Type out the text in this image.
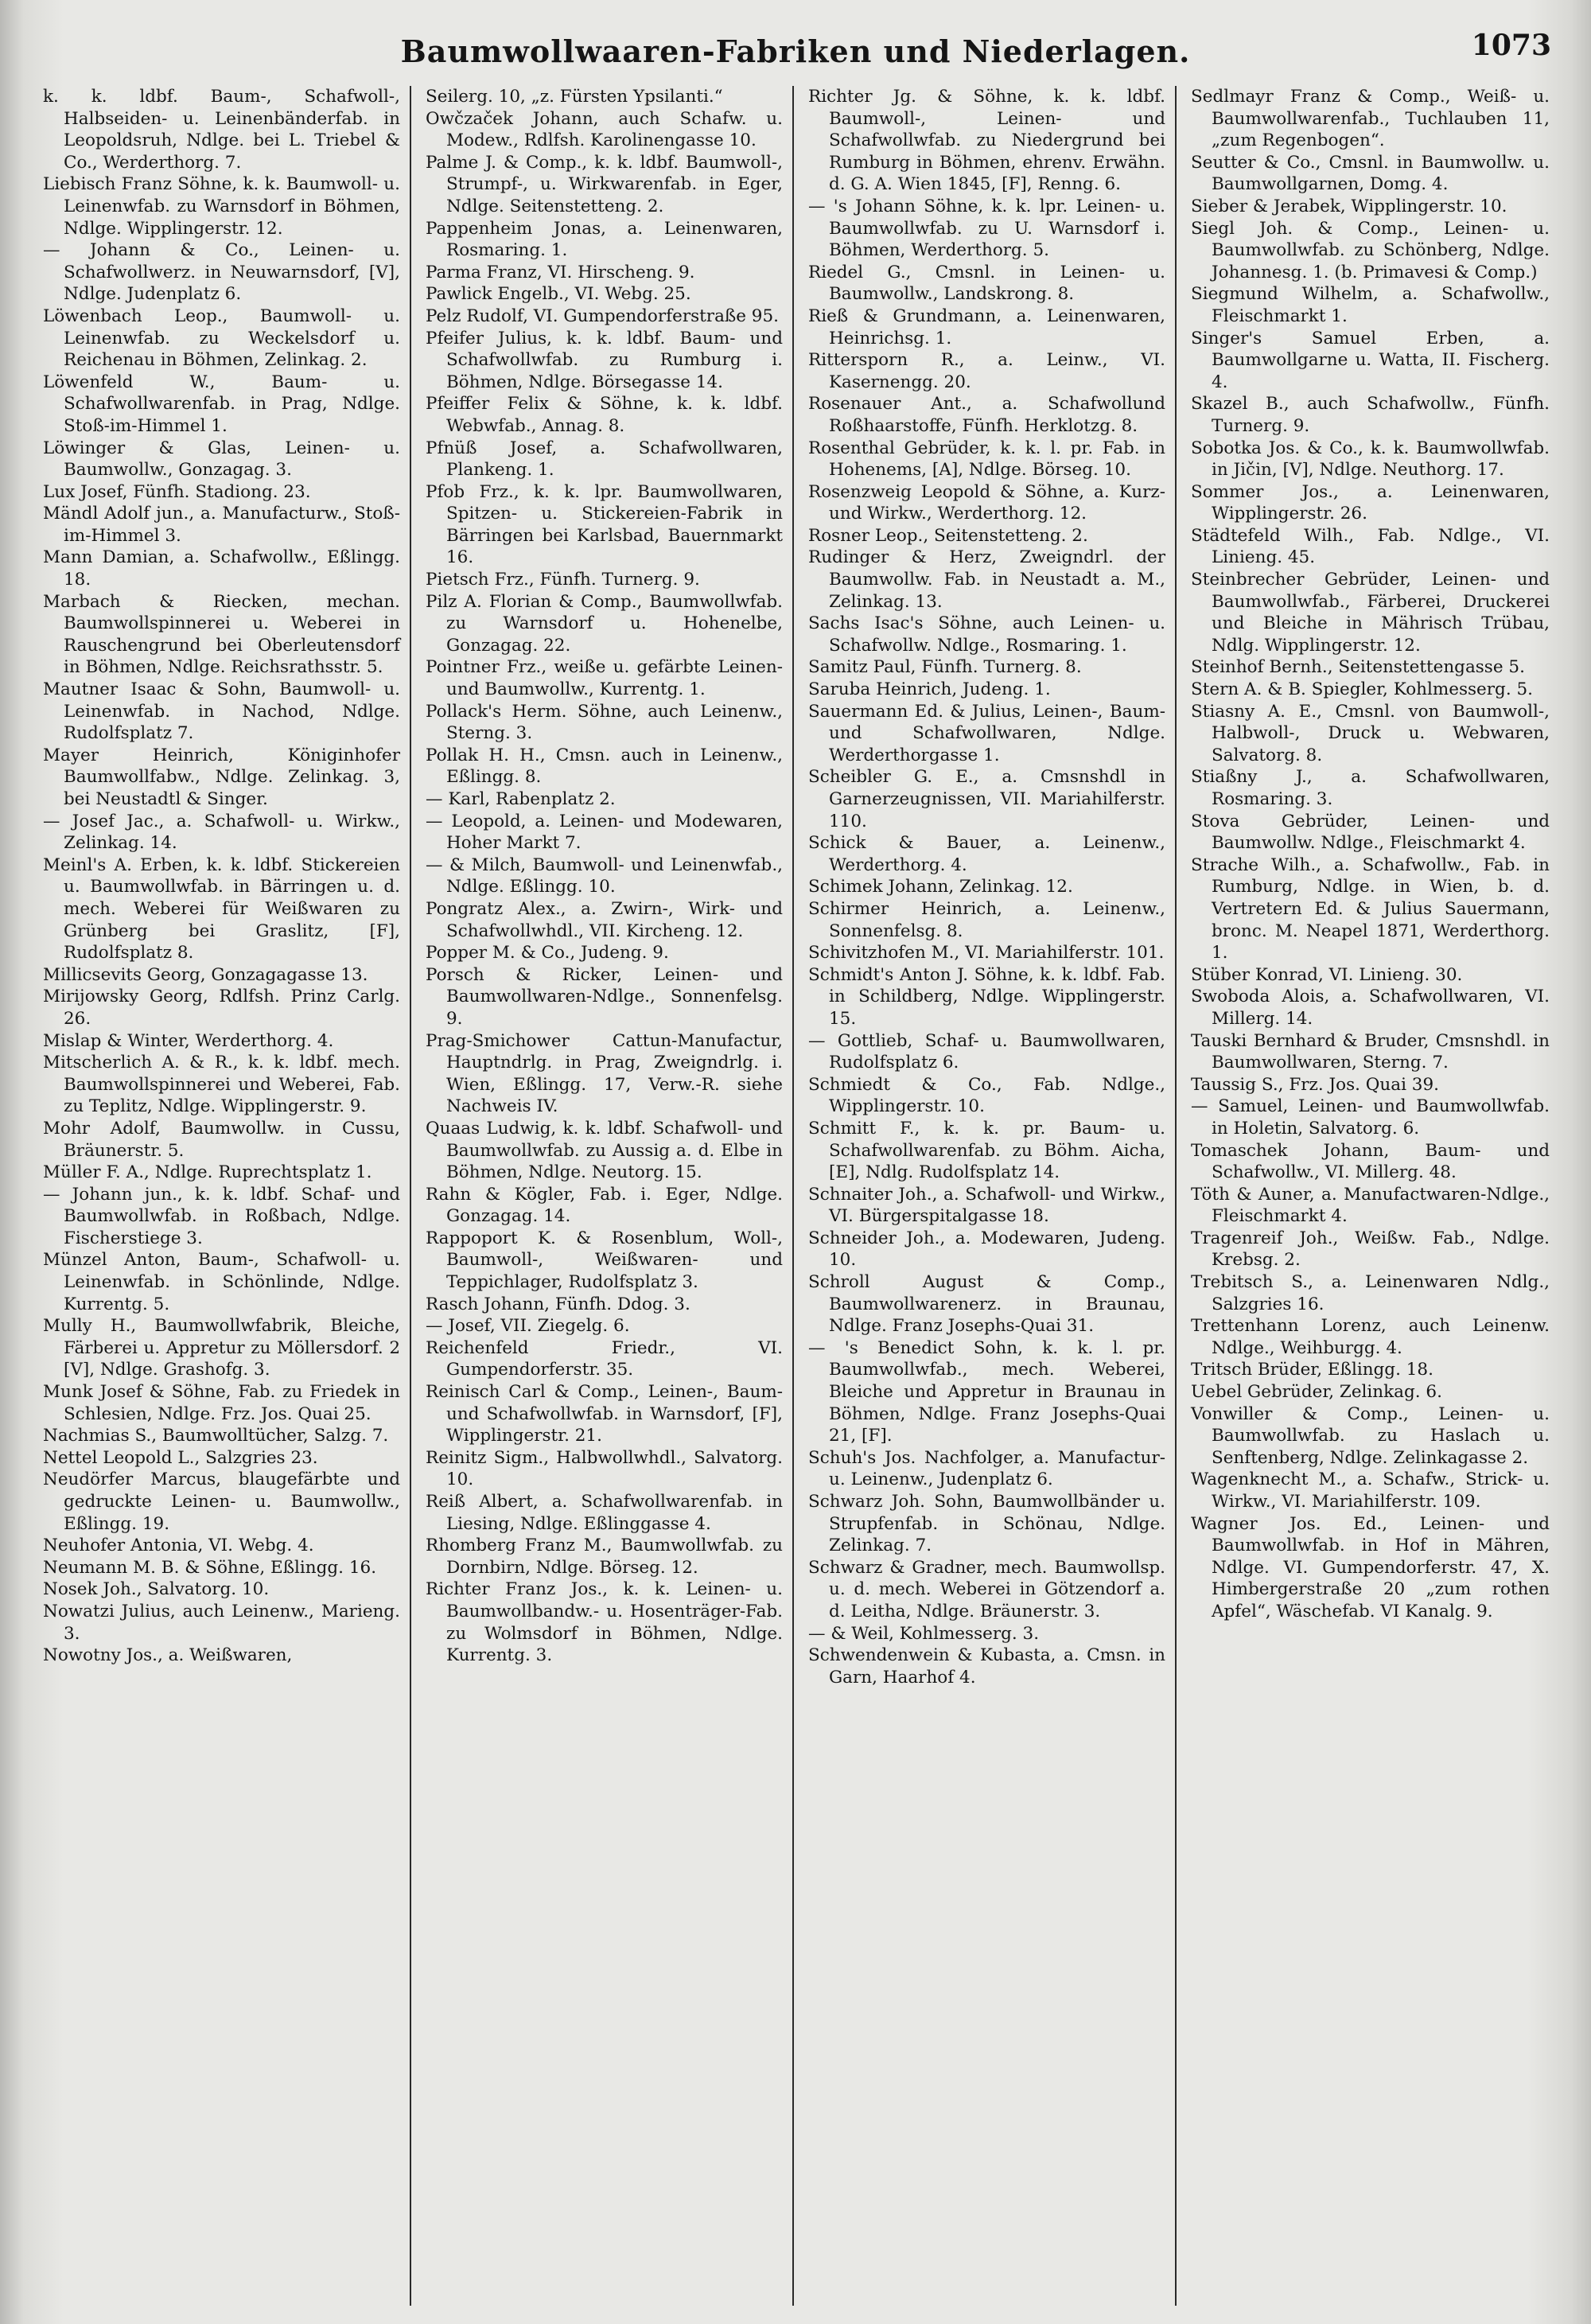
Baumwollwaaren-Fabriken und Niederlagen.	1073

k. k. ldbf. Baum-, Schafwoll-, Halbseiden- u. Leinenbänderfab. in Leopoldsruh, Ndlge. bei L. Triebel & Co., Werderthorg. 7.

Liebisch Franz Söhne, k. k. Baumwoll- u. Leinenwfab. zu Warnsdorf in Böhmen, Ndlge. Wipplingerstr. 12.

— Johann & Co., Leinen- u. Schafwollwerz. in Neuwarnsdorf, [V], Ndlge. Judenplatz 6.

Löwenbach Leop., Baumwoll- u. Leinenwfab. zu Weckelsdorf u. Reichenau in Böhmen, Zelinkag. 2.

Löwenfeld W., Baum- u. Schafwollwarenfab. in Prag, Ndlge. Stoß-im-Himmel 1.

Löwinger & Glas, Leinen- u. Baumwollw., Gonzagag. 3.

Lux Josef, Fünfh. Stadiong. 23.

Mändl Adolf jun., a. Manufacturw., Stoß-im-Himmel 3.

Mann Damian, a. Schafwollw., Eßlingg. 18.

Marbach & Riecken, mechan. Baumwollspinnerei u. Weberei in Rauschengrund bei Oberleutensdorf in Böhmen, Ndlge. Reichsrathsstr. 5.

Mautner Isaac & Sohn, Baumwoll- u. Leinenwfab. in Nachod, Ndlge. Rudolfsplatz 7.

Mayer Heinrich, Königinhofer Baumwollfabw., Ndlge. Zelinkag. 3, bei Neustadtl & Singer.

— Josef Jac., a. Schafwoll- u. Wirkw., Zelinkag. 14.

Meinl's A. Erben, k. k. ldbf. Stickereien u. Baumwollwfab. in Bärringen u. d. mech. Weberei für Weißwaren zu Grünberg bei Graslitz, [F], Rudolfsplatz 8.

Millicsevits Georg, Gonzagagasse 13.

Mirijowsky Georg, Rdlfsh. Prinz Carlg. 26.

Mislap & Winter, Werderthorg. 4.

Mitscherlich A. & R., k. k. ldbf. mech. Baumwollspinnerei und Weberei, Fab. zu Teplitz, Ndlge. Wipplingerstr. 9.

Mohr Adolf, Baumwollw. in Cussu, Bräunerstr. 5.

Müller F. A., Ndlge. Ruprechtsplatz 1.

— Johann jun., k. k. ldbf. Schaf- und Baumwollwfab. in Roßbach, Ndlge. Fischerstiege 3.

Münzel Anton, Baum-, Schafwoll- u. Leinenwfab. in Schönlinde, Ndlge. Kurrentg. 5.

Mully H., Baumwollwfabrik, Bleiche, Färberei u. Appretur zu Möllersdorf. 2 [V], Ndlge. Grashofg. 3.

Munk Josef & Söhne, Fab. zu Friedek in Schlesien, Ndlge. Frz. Jos. Quai 25.

Nachmias S., Baumwolltücher, Salzg. 7.

Nettel Leopold L., Salzgries 23.

Neudörfer Marcus, blaugefärbte und gedruckte Leinen- u. Baumwollw., Eßlingg. 19.

Neuhofer Antonia, VI. Webg. 4.

Neumann M. B. & Söhne, Eßlingg. 16.

Nosek Joh., Salvatorg. 10.

Nowatzi Julius, auch Leinenw., Marieng. 3.

Nowotny Jos., a. Weißwaren,

Seilerg. 10, „z. Fürsten Ypsilanti.“

Owčzaček Johann, auch Schafw. u. Modew., Rdlfsh. Karolinengasse 10.

Palme J. & Comp., k. k. ldbf. Baumwoll-, Strumpf-, u. Wirkwarenfab. in Eger, Ndlge. Seitenstetteng. 2.

Pappenheim Jonas, a. Leinenwaren, Rosmaring. 1.

Parma Franz, VI. Hirscheng. 9.

Pawlick Engelb., VI. Webg. 25.

Pelz Rudolf, VI. Gumpendorferstraße 95.

Pfeifer Julius, k. k. ldbf. Baum- und Schafwollwfab. zu Rumburg i. Böhmen, Ndlge. Börsegasse 14.

Pfeiffer Felix & Söhne, k. k. ldbf. Webwfab., Annag. 8.

Pfnüß Josef, a. Schafwollwaren, Plankeng. 1.

Pfob Frz., k. k. lpr. Baumwollwaren, Spitzen- u. Stickereien-Fabrik in Bärringen bei Karlsbad, Bauernmarkt 16.

Pietsch Frz., Fünfh. Turnerg. 9.

Pilz A. Florian & Comp., Baumwollwfab. zu Warnsdorf u. Hohenelbe, Gonzagag. 22.

Pointner Frz., weiße u. gefärbte Leinen- und Baumwollw., Kurrentg. 1.

Pollack's Herm. Söhne, auch Leinenw., Sterng. 3.

Pollak H. H., Cmsn. auch in Leinenw., Eßlingg. 8.

— Karl, Rabenplatz 2.

— Leopold, a. Leinen- und Modewaren, Hoher Markt 7.

— & Milch, Baumwoll- und Leinenwfab., Ndlge. Eßlingg. 10.

Pongratz Alex., a. Zwirn-, Wirk- und Schafwollwhdl., VII. Kircheng. 12.

Popper M. & Co., Judeng. 9.

Porsch & Ricker, Leinen- und Baumwollwaren-Ndlge., Sonnenfelsg. 9.

Prag-Smichower Cattun-Manufactur, Hauptndrlg. in Prag, Zweigndrlg. i. Wien, Eßlingg. 17, Verw.-R. siehe Nachweis IV.

Quaas Ludwig, k. k. ldbf. Schafwoll- und Baumwollwfab. zu Aussig a. d. Elbe in Böhmen, Ndlge. Neutorg. 15.

Rahn & Kögler, Fab. i. Eger, Ndlge. Gonzagag. 14.

Rappoport K. & Rosenblum, Woll-, Baumwoll-, Weißwaren- und Teppichlager, Rudolfsplatz 3.

Rasch Johann, Fünfh. Ddog. 3.

— Josef, VII. Ziegelg. 6.

Reichenfeld Friedr., VI. Gumpendorferstr. 35.

Reinisch Carl & Comp., Leinen-, Baum- und Schafwollwfab. in Warnsdorf, [F], Wipplingerstr. 21.

Reinitz Sigm., Halbwollwhdl., Salvatorg. 10.

Reiß Albert, a. Schafwollwarenfab. in Liesing, Ndlge. Eßlinggasse 4.

Rhomberg Franz M., Baumwollwfab. zu Dornbirn, Ndlge. Börseg. 12.

Richter Franz Jos., k. k. Leinen- u. Baumwollbandw.- u. Hosenträger-Fab. zu Wolmsdorf in Böhmen, Ndlge. Kurrentg. 3.

Richter Jg. & Söhne, k. k. ldbf. Baumwoll-, Leinen- und Schafwollwfab. zu Niedergrund bei Rumburg in Böhmen, ehrenv. Erwähn. d. G. A. Wien 1845, [F], Renng. 6.

— 's Johann Söhne, k. k. lpr. Leinen- u. Baumwollwfab. zu U. Warnsdorf i. Böhmen, Werderthorg. 5.

Riedel G., Cmsnl. in Leinen- u. Baumwollw., Landskrong. 8.

Rieß & Grundmann, a. Leinenwaren, Heinrichsg. 1.

Rittersporn R., a. Leinw., VI. Kasernengg. 20.

Rosenauer Ant., a. Schafwollund Roßhaarstoffe, Fünfh. Herklotzg. 8.

Rosenthal Gebrüder, k. k. l. pr. Fab. in Hohenems, [A], Ndlge. Börseg. 10.

Rosenzweig Leopold & Söhne, a. Kurz- und Wirkw., Werderthorg. 12.

Rosner Leop., Seitenstetteng. 2.

Rudinger & Herz, Zweigndrl. der Baumwollw. Fab. in Neustadt a. M., Zelinkag. 13.

Sachs Isac's Söhne, auch Leinen- u. Schafwollw. Ndlge., Rosmaring. 1.

Samitz Paul, Fünfh. Turnerg. 8.

Saruba Heinrich, Judeng. 1.

Sauermann Ed. & Julius, Leinen-, Baum- und Schafwollwaren, Ndlge. Werderthorgasse 1.

Scheibler G. E., a. Cmsnshdl in Garnerzeugnissen, VII. Mariahilferstr. 110.

Schick & Bauer, a. Leinenw., Werderthorg. 4.

Schimek Johann, Zelinkag. 12.

Schirmer Heinrich, a. Leinenw., Sonnenfelsg. 8.

Schivitzhofen M., VI. Mariahilferstr. 101.

Schmidt's Anton J. Söhne, k. k. ldbf. Fab. in Schildberg, Ndlge. Wipplingerstr. 15.

— Gottlieb, Schaf- u. Baumwollwaren, Rudolfsplatz 6.

Schmiedt & Co., Fab. Ndlge., Wipplingerstr. 10.

Schmitt F., k. k. pr. Baum- u. Schafwollwarenfab. zu Böhm. Aicha, [E], Ndlg. Rudolfsplatz 14.

Schnaiter Joh., a. Schafwoll- und Wirkw., VI. Bürgerspitalgasse 18.

Schneider Joh., a. Modewaren, Judeng. 10.

Schroll August & Comp., Baumwollwarenerz. in Braunau, Ndlge. Franz Josephs-Quai 31.

— 's Benedict Sohn, k. k. l. pr. Baumwollwfab., mech. Weberei, Bleiche und Appretur in Braunau in Böhmen, Ndlge. Franz Josephs-Quai 21, [F].

Schuh's Jos. Nachfolger, a. Manufactur- u. Leinenw., Judenplatz 6.

Schwarz Joh. Sohn, Baumwollbänder u. Strupfenfab. in Schönau, Ndlge. Zelinkag. 7.

Schwarz & Gradner, mech. Baumwollsp. u. d. mech. Weberei in Götzendorf a. d. Leitha, Ndlge. Bräunerstr. 3.

— & Weil, Kohlmesserg. 3.

Schwendenwein & Kubasta, a. Cmsn. in Garn, Haarhof 4.

Sedlmayr Franz & Comp., Weiß- u. Baumwollwarenfab., Tuchlauben 11, „zum Regenbogen“.

Seutter & Co., Cmsnl. in Baumwollw. u. Baumwollgarnen, Domg. 4.

Sieber & Jerabek, Wipplingerstr. 10.

Siegl Joh. & Comp., Leinen- u. Baumwollwfab. zu Schönberg, Ndlge. Johannesg. 1. (b. Primavesi & Comp.)

Siegmund Wilhelm, a. Schafwollw., Fleischmarkt 1.

Singer's Samuel Erben, a. Baumwollgarne u. Watta, II. Fischerg. 4.

Skazel B., auch Schafwollw., Fünfh. Turnerg. 9.

Sobotka Jos. & Co., k. k. Baumwollwfab. in Jičin, [V], Ndlge. Neuthorg. 17.

Sommer Jos., a. Leinenwaren, Wipplingerstr. 26.

Städtefeld Wilh., Fab. Ndlge., VI. Linieng. 45.

Steinbrecher Gebrüder, Leinen- und Baumwollwfab., Färberei, Druckerei und Bleiche in Mährisch Trübau, Ndlg. Wipplingerstr. 12.

Steinhof Bernh., Seitenstettengasse 5.

Stern A. & B. Spiegler, Kohlmesserg. 5.

Stiasny A. E., Cmsnl. von Baumwoll-, Halbwoll-, Druck u. Webwaren, Salvatorg. 8.

Stiaßny J., a. Schafwollwaren, Rosmaring. 3.

Stova Gebrüder, Leinen- und Baumwollw. Ndlge., Fleischmarkt 4.

Strache Wilh., a. Schafwollw., Fab. in Rumburg, Ndlge. in Wien, b. d. Vertretern Ed. & Julius Sauermann, bronc. M. Neapel 1871, Werderthorg. 1.

Stüber Konrad, VI. Linieng. 30.

Swoboda Alois, a. Schafwollwaren, VI. Millerg. 14.

Tauski Bernhard & Bruder, Cmsnshdl. in Baumwollwaren, Sterng. 7.

Taussig S., Frz. Jos. Quai 39.

— Samuel, Leinen- und Baumwollwfab. in Holetin, Salvatorg. 6.

Tomaschek Johann, Baum- und Schafwollw., VI. Millerg. 48.

Töth & Auner, a. Manufactwaren-Ndlge., Fleischmarkt 4.

Tragenreif Joh., Weißw. Fab., Ndlge. Krebsg. 2.

Trebitsch S., a. Leinenwaren Ndlg., Salzgries 16.

Trettenhann Lorenz, auch Leinenw. Ndlge., Weihburgg. 4.

Tritsch Brüder, Eßlingg. 18.

Uebel Gebrüder, Zelinkag. 6.

Vonwiller & Comp., Leinen- u. Baumwollwfab. zu Haslach u. Senftenberg, Ndlge. Zelinkagasse 2.

Wagenknecht M., a. Schafw., Strick- u. Wirkw., VI. Mariahilferstr. 109.

Wagner Jos. Ed., Leinen- und Baumwollwfab. in Hof in Mähren, Ndlge. VI. Gumpendorferstr. 47, X. Himbergerstraße 20 „zum rothen Apfel“, Wäschefab. VI Kanalg. 9.
